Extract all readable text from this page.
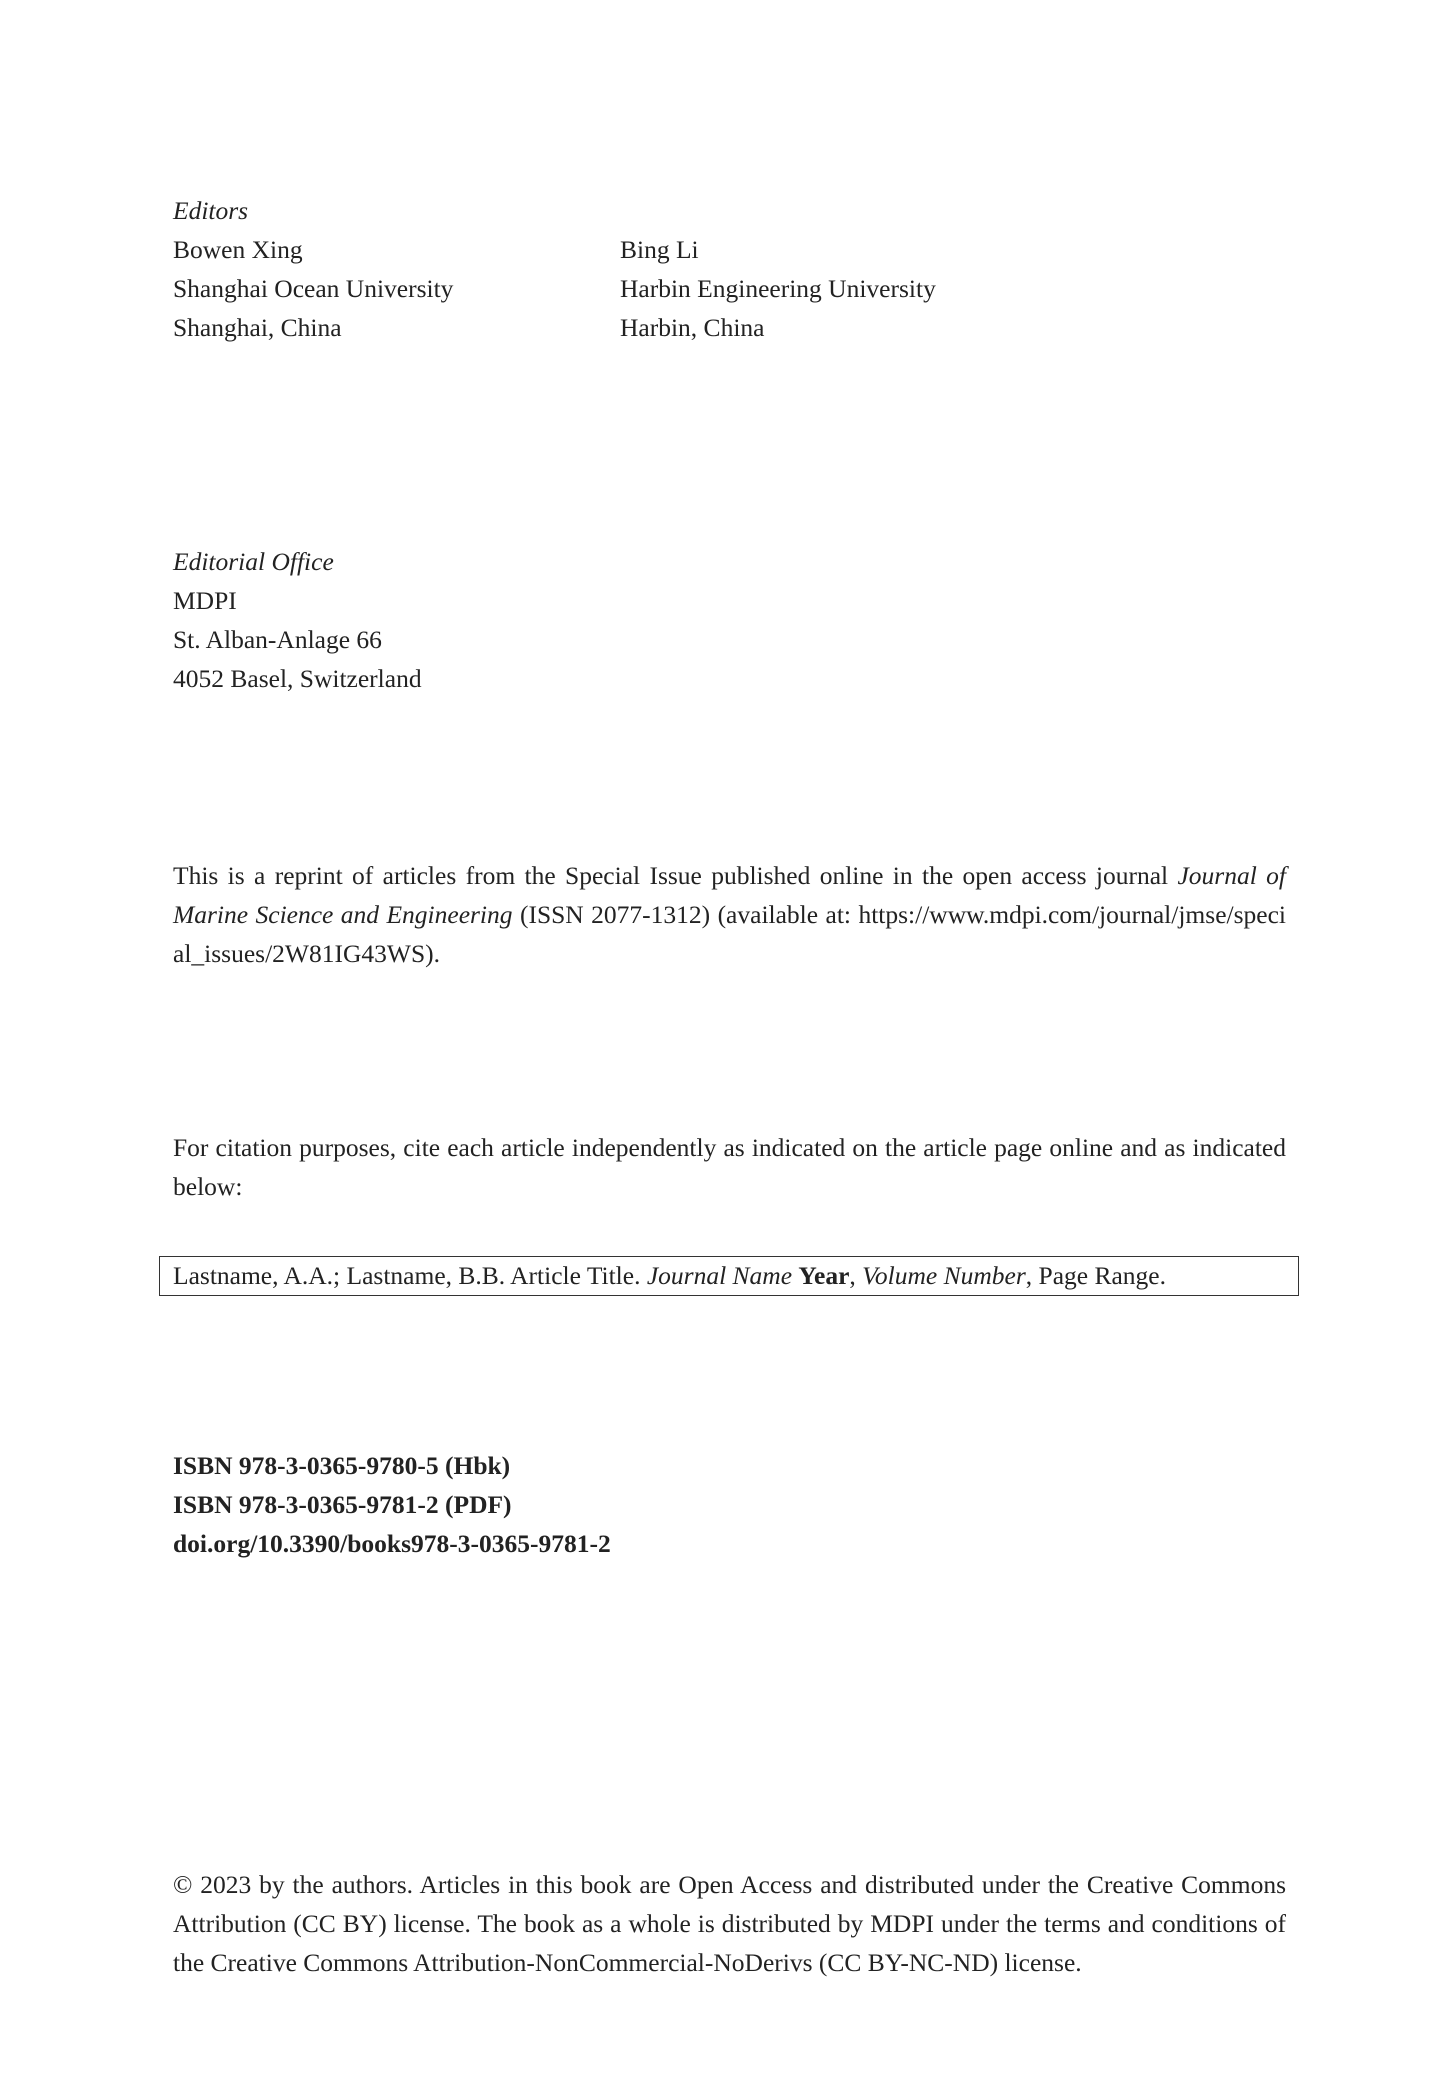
Editors
Bowen Xing
Shanghai Ocean University
Shanghai, China
Bing Li
Harbin Engineering University
Harbin, China
Editorial Office
MDPI
St. Alban-Anlage 66
4052 Basel, Switzerland
This is a reprint of articles from the Special Issue published online in the open access journal Journal of Marine Science and Engineering (ISSN 2077-1312) (available at: https://www.mdpi.com/journal/jmse/special_issues/2W81IG43WS).
For citation purposes, cite each article independently as indicated on the article page online and as indicated below:
Lastname, A.A.; Lastname, B.B. Article Title. Journal Name Year, Volume Number, Page Range.
ISBN 978-3-0365-9780-5 (Hbk)
ISBN 978-3-0365-9781-2 (PDF)
doi.org/10.3390/books978-3-0365-9781-2
© 2023 by the authors. Articles in this book are Open Access and distributed under the Creative Commons Attribution (CC BY) license. The book as a whole is distributed by MDPI under the terms and conditions of the Creative Commons Attribution-NonCommercial-NoDerivs (CC BY-NC-ND) license.
